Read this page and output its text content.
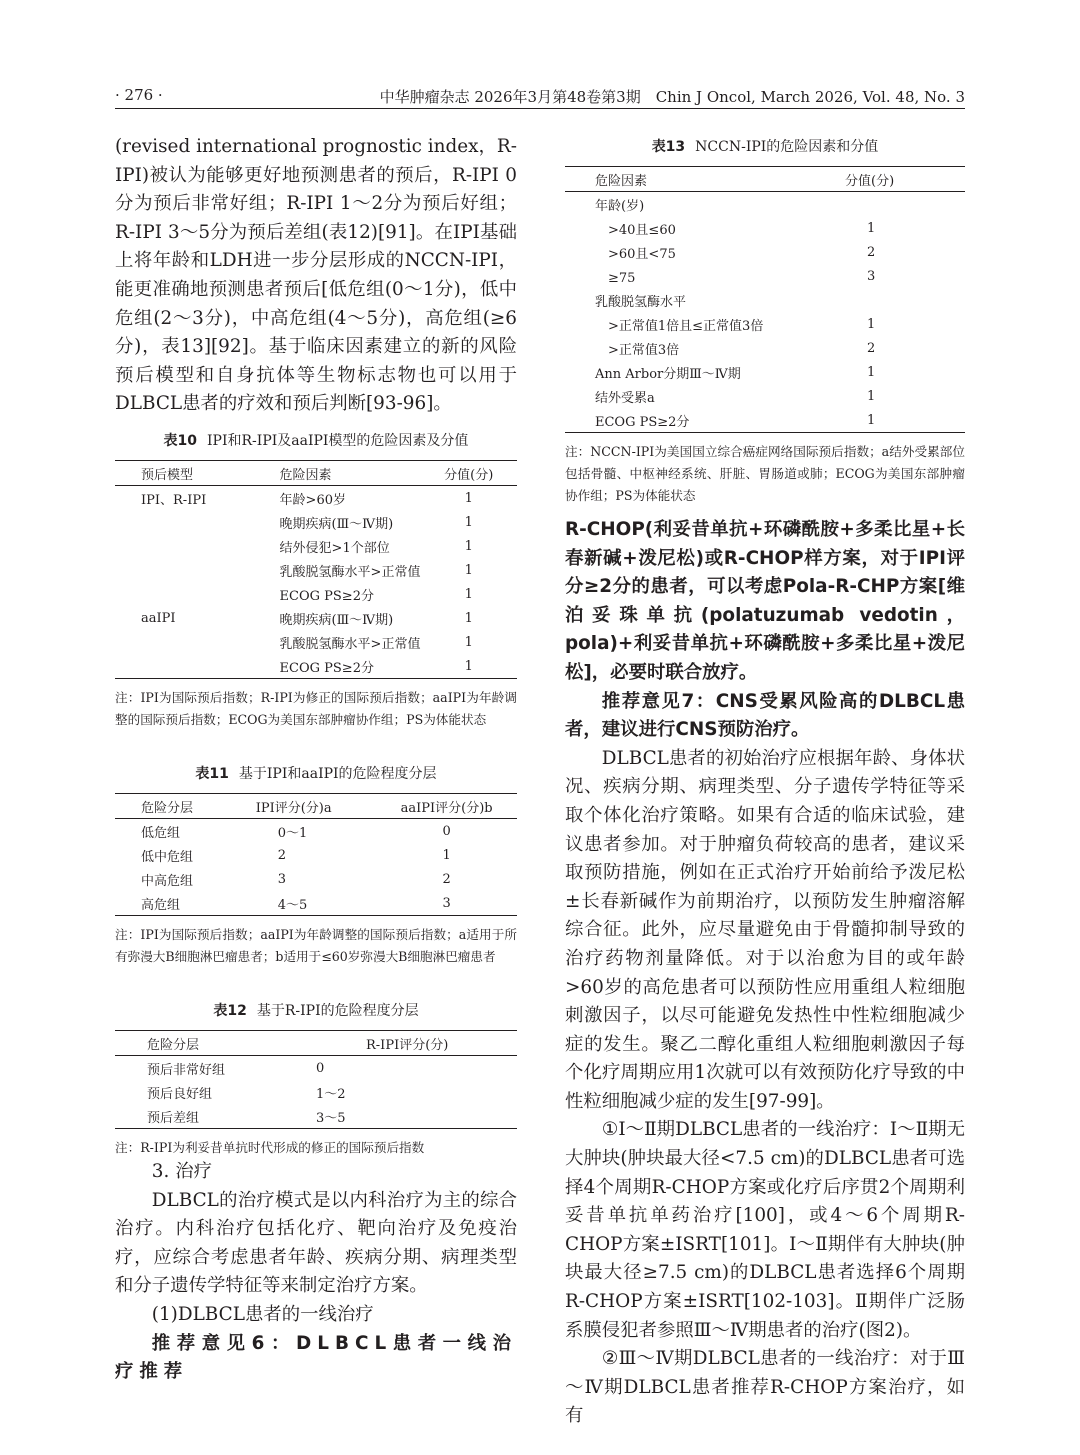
· 276 ·	中华肿瘤杂志 2026年3月第48卷第3期　Chin J Oncol, March 2026, Vol. 48, No. 3

(revised international prognostic index，R-IPI)被认为能够更好地预测患者的预后，R-IPI 0分为预后非常好组；R-IPI 1～2分为预后好组；R-IPI 3～5分为预后差组(表12)[91]。在IPI基础上将年龄和LDH进一步分层形成的NCCN-IPI，能更准确地预测患者预后[低危组(0～1分)，低中危组(2～3分)，中高危组(4～5分)，高危组(≥6分)，表13][92]。基于临床因素建立的新的风险预后模型和自身抗体等生物标志物也可以用于DLBCL患者的疗效和预后判断[93-96]。

表10 IPI和R-IPI及aaIPI模型的危险因素及分值

预后模型	危险因素	分值(分)
IPI、R-IPI	年龄>60岁	1
	晚期疾病(Ⅲ～Ⅳ期)	1
	结外侵犯>1个部位	1
	乳酸脱氢酶水平>正常值	1
	ECOG PS≥2分	1
aaIPI	晚期疾病(Ⅲ～Ⅳ期)	1
	乳酸脱氢酶水平>正常值	1
	ECOG PS≥2分	1

注：IPI为国际预后指数；R-IPI为修正的国际预后指数；aaIPI为年龄调整的国际预后指数；ECOG为美国东部肿瘤协作组；PS为体能状态

表11 基于IPI和aaIPI的危险程度分层

危险分层	IPI评分(分)a	aaIPI评分(分)b
低危组	0～1	0
低中危组	2	1
中高危组	3	2
高危组	4～5	3

注：IPI为国际预后指数；aaIPI为年龄调整的国际预后指数；a适用于所有弥漫大B细胞淋巴瘤患者；b适用于≤60岁弥漫大B细胞淋巴瘤患者

表12 基于R-IPI的危险程度分层

危险分层	R-IPI评分(分)
预后非常好组	0
预后良好组	1～2
预后差组	3～5

注：R-IPI为利妥昔单抗时代形成的修正的国际预后指数

3. 治疗

DLBCL的治疗模式是以内科治疗为主的综合治疗。内科治疗包括化疗、靶向治疗及免疫治疗，应综合考虑患者年龄、疾病分期、病理类型和分子遗传学特征等来制定治疗方案。

(1)DLBCL患者的一线治疗

推荐意见6：DLBCL患者一线治疗推荐

表13 NCCN-IPI的危险因素和分值

危险因素	分值(分)
年龄(岁)	
　>40且≤60	1
　>60且<75	2
　≥75	3
乳酸脱氢酶水平	
　>正常值1倍且≤正常值3倍	1
　>正常值3倍	2
Ann Arbor分期Ⅲ～Ⅳ期	1
结外受累a	1
ECOG PS≥2分	1

注：NCCN-IPI为美国国立综合癌症网络国际预后指数；a结外受累部位包括骨髓、中枢神经系统、肝脏、胃肠道或肺；ECOG为美国东部肿瘤协作组；PS为体能状态

R-CHOP(利妥昔单抗+环磷酰胺+多柔比星+长春新碱+泼尼松)或R-CHOP样方案，对于IPI评分≥2分的患者，可以考虑Pola-R-CHP方案[维泊妥珠单抗(polatuzumab vedotin，pola)+利妥昔单抗+环磷酰胺+多柔比星+泼尼松]，必要时联合放疗。

推荐意见7：CNS受累风险高的DLBCL患者，建议进行CNS预防治疗。

DLBCL患者的初始治疗应根据年龄、身体状况、疾病分期、病理类型、分子遗传学特征等采取个体化治疗策略。如果有合适的临床试验，建议患者参加。对于肿瘤负荷较高的患者，建议采取预防措施，例如在正式治疗开始前给予泼尼松±长春新碱作为前期治疗，以预防发生肿瘤溶解综合征。此外，应尽量避免由于骨髓抑制导致的治疗药物剂量降低。对于以治愈为目的或年龄>60岁的高危患者可以预防性应用重组人粒细胞刺激因子，以尽可能避免发热性中性粒细胞减少症的发生。聚乙二醇化重组人粒细胞刺激因子每个化疗周期应用1次就可以有效预防化疗导致的中性粒细胞减少症的发生[97-99]。

①Ⅰ～Ⅱ期DLBCL患者的一线治疗：Ⅰ～Ⅱ期无大肿块(肿块最大径<7.5 cm)的DLBCL患者可选择4个周期R-CHOP方案或化疗后序贯2个周期利妥昔单抗单药治疗[100]，或4～6个周期R-CHOP方案±ISRT[101]。Ⅰ～Ⅱ期伴有大肿块(肿块最大径≥7.5 cm)的DLBCL患者选择6个周期R-CHOP方案±ISRT[102-103]。Ⅱ期伴广泛肠系膜侵犯者参照Ⅲ～Ⅳ期患者的治疗(图2)。

②Ⅲ～Ⅳ期DLBCL患者的一线治疗：对于Ⅲ～Ⅳ期DLBCL患者推荐R-CHOP方案治疗，如有
